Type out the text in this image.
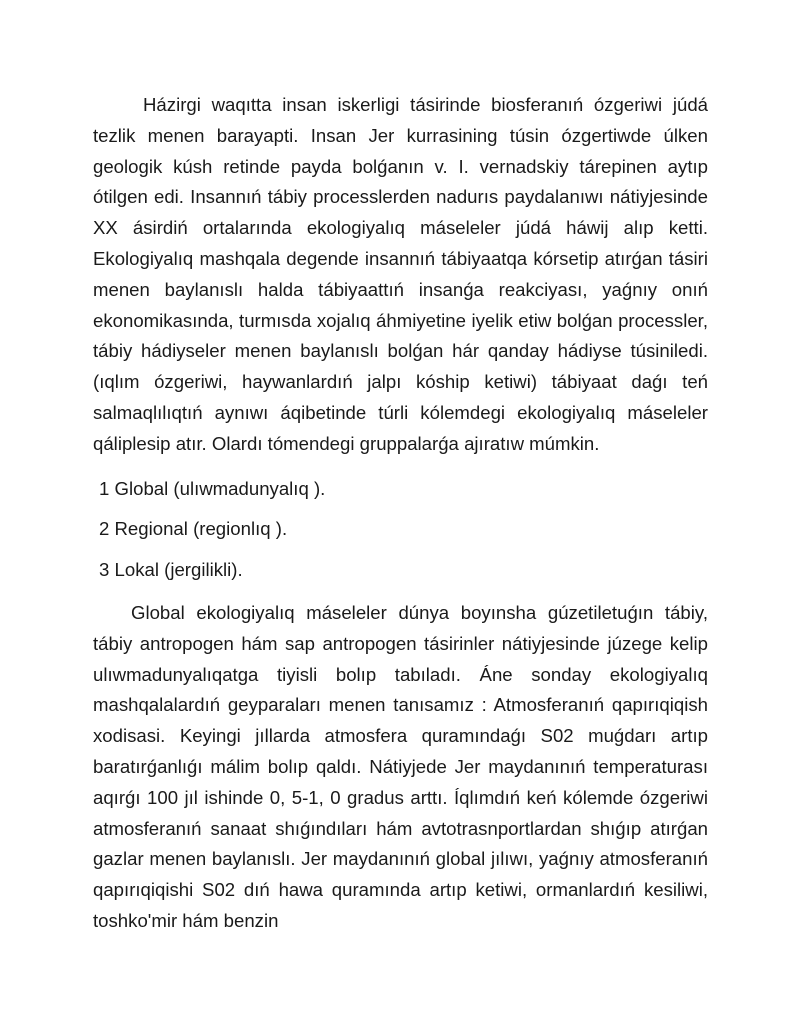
Házirgi waqıtta insan iskerligi tásirinde biosferanıń ózgeriwi júdá tezlik menen barayapti. Insan Jer kurrasining túsin ózgertiwde úlken geologik kúsh retinde payda bolǵanın v. I. vernadskiy tárepinen aytıp ótilgen edi. Insannıń tábiy processlerden nadurıs paydalanıwı nátiyjesinde XX ásirdiń ortalarında ekologiyalıq máseleler júdá háwij alıp ketti. Ekologiyalıq mashqala degende insannıń tábiyaatqa kórsetip atırǵan tásiri menen baylanıslı halda tábiyaattıń insanǵa reakciyası, yaǵnıy onıń ekonomikasında, turmısda xojalıq áhmiyetine iyelik etiw bolǵan processler, tábiy hádiyseler menen baylanıslı bolǵan hár qanday hádiyse túsiniledi. (ıqlım ózgeriwi, haywanlardıń jalpı kóship ketiwi) tábiyaat daǵı teń salmaqlılıqtıń aynıwı áqibetinde túrli kólemdegi ekologiyalıq máseleler qáliplesip atır. Olardı tómendegi gruppalarǵa ajıratıw múmkin.

1 Global (ulıwmadunyalıq ).
2 Regional (regionlıq ).
3 Lokal (jergilikli).

Global ekologiyalıq máseleler dúnya boyınsha gúzetiletuǵın tábiy, tábiy antropogen hám sap antropogen tásirinler nátiyjesinde júzege kelip ulıwmadunyalıqatga tiyisli bolıp tabıladı. Áne sonday ekologiyalıq mashqalalardıń geyparaları menen tanısamız : Atmosferanıń qapırıqiqish xodisasi. Keyingi jıllarda atmosfera quramındaǵı S02 muǵdarı artıp baratırǵanlıǵı málim bolıp qaldı. Nátiyjede Jer maydanınıń temperaturası aqırǵı 100 jıl ishinde 0, 5-1, 0 gradus arttı. Íqlımdıń keń kólemde ózgeriwi atmosferanıń sanaat shıǵındıları hám avtotrasnportlardan shıǵıp atırǵan gazlar menen baylanıslı. Jer maydanınıń global jılıwı, yaǵnıy atmosferanıń qapırıqiqishi S02 dıń hawa quramında artıp ketiwi, ormanlardıń kesiliwi, toshko'mir hám benzin
